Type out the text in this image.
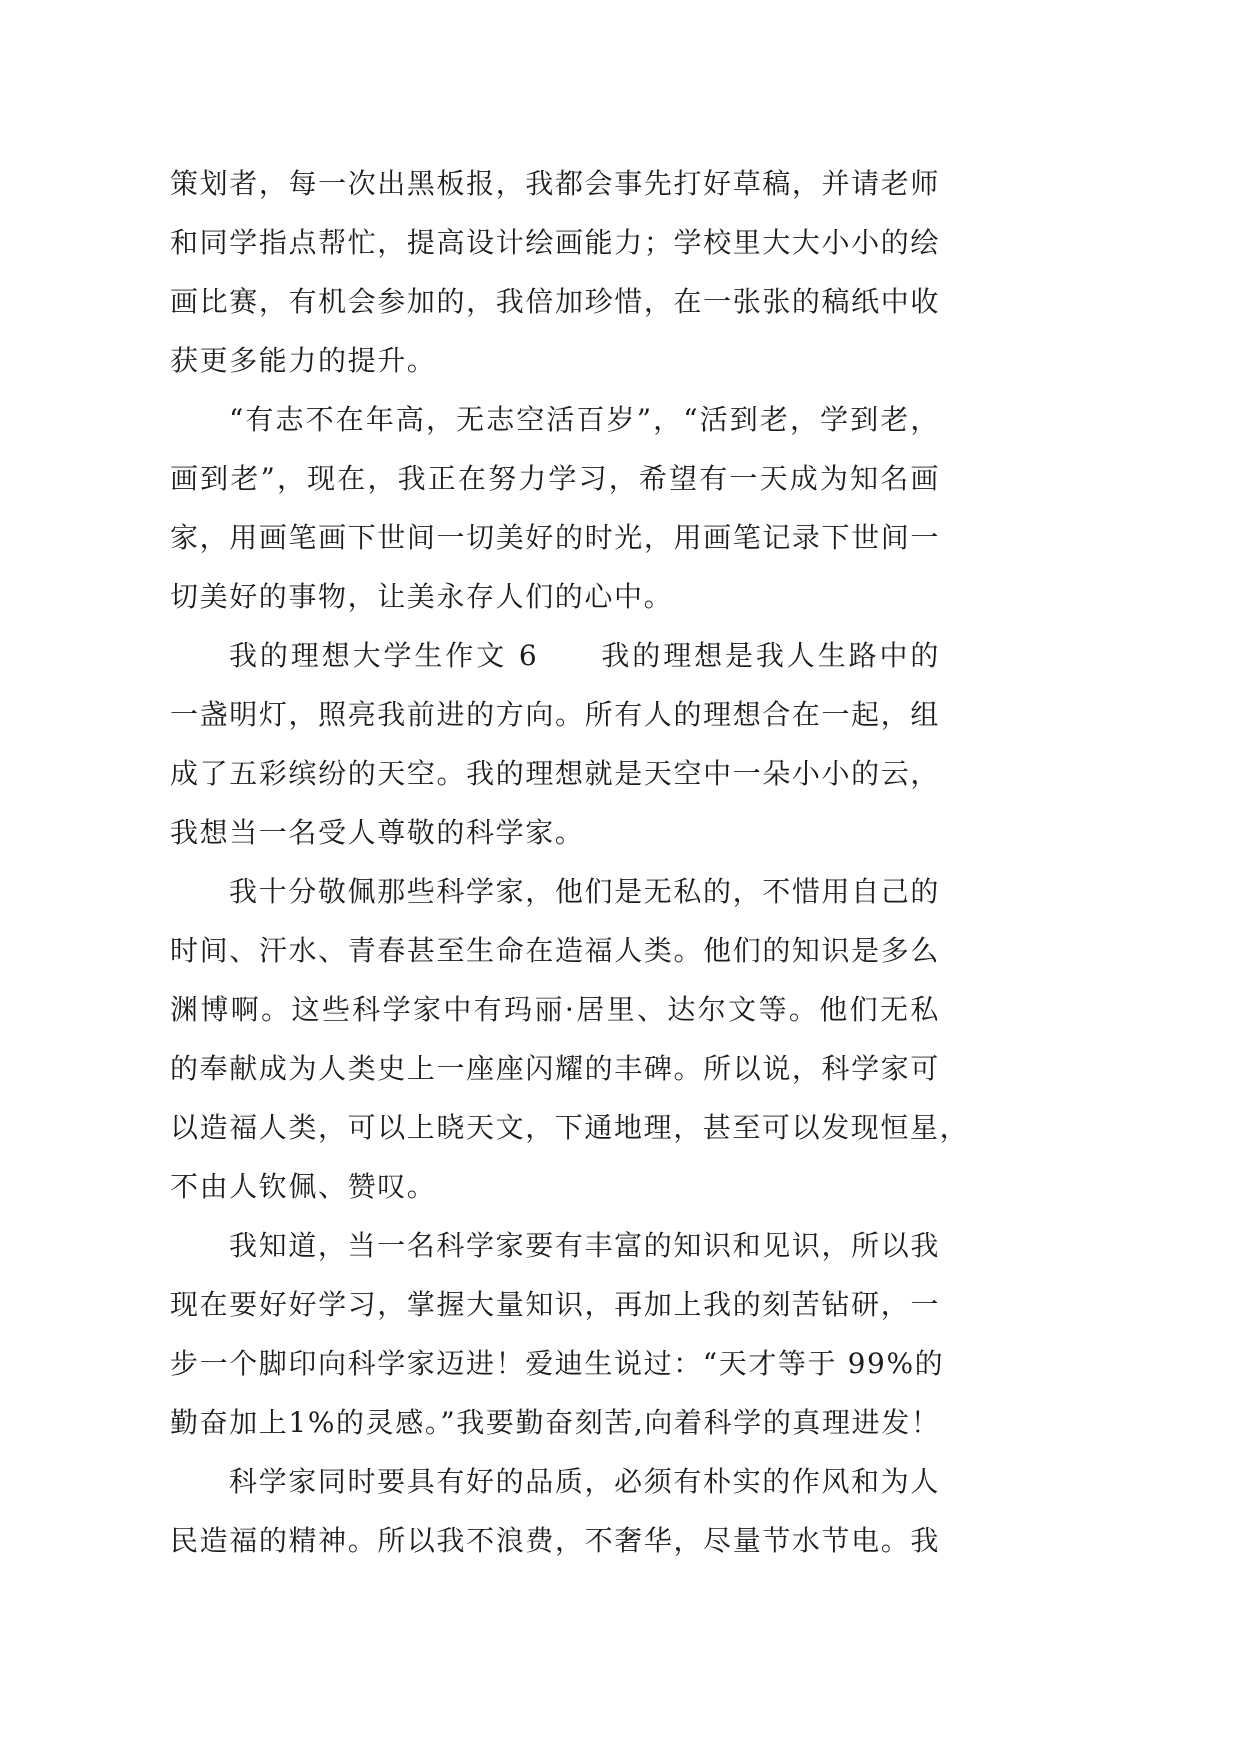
策划者，每一次出黑板报，我都会事先打好草稿，并请老师
和同学指点帮忙，提高设计绘画能力；学校里大大小小的绘
画比赛，有机会参加的，我倍加珍惜，在一张张的稿纸中收
获更多能力的提升。
“有志不在年高，无志空活百岁”，“活到老，学到老，
画到老”，现在，我正在努力学习，希望有一天成为知名画
家，用画笔画下世间一切美好的时光，用画笔记录下世间一
切美好的事物，让美永存人们的心中。
我的理想大学生作文 6　　我的理想是我人生路中的
一盏明灯，照亮我前进的方向。所有人的理想合在一起，组
成了五彩缤纷的天空。我的理想就是天空中一朵小小的云，
我想当一名受人尊敬的科学家。
我十分敬佩那些科学家，他们是无私的，不惜用自己的
时间、汗水、青春甚至生命在造福人类。他们的知识是多么
渊博啊。这些科学家中有玛丽·居里、达尔文等。他们无私
的奉献成为人类史上一座座闪耀的丰碑。所以说，科学家可
以造福人类，可以上晓天文，下通地理，甚至可以发现恒星，
不由人钦佩、赞叹。
我知道，当一名科学家要有丰富的知识和见识，所以我
现在要好好学习，掌握大量知识，再加上我的刻苦钻研，一
步一个脚印向科学家迈进！爱迪生说过：“天才等于 99%的
勤奋加上1%的灵感。”我要勤奋刻苦,向着科学的真理进发！
科学家同时要具有好的品质，必须有朴实的作风和为人
民造福的精神。所以我不浪费，不奢华，尽量节水节电。我
